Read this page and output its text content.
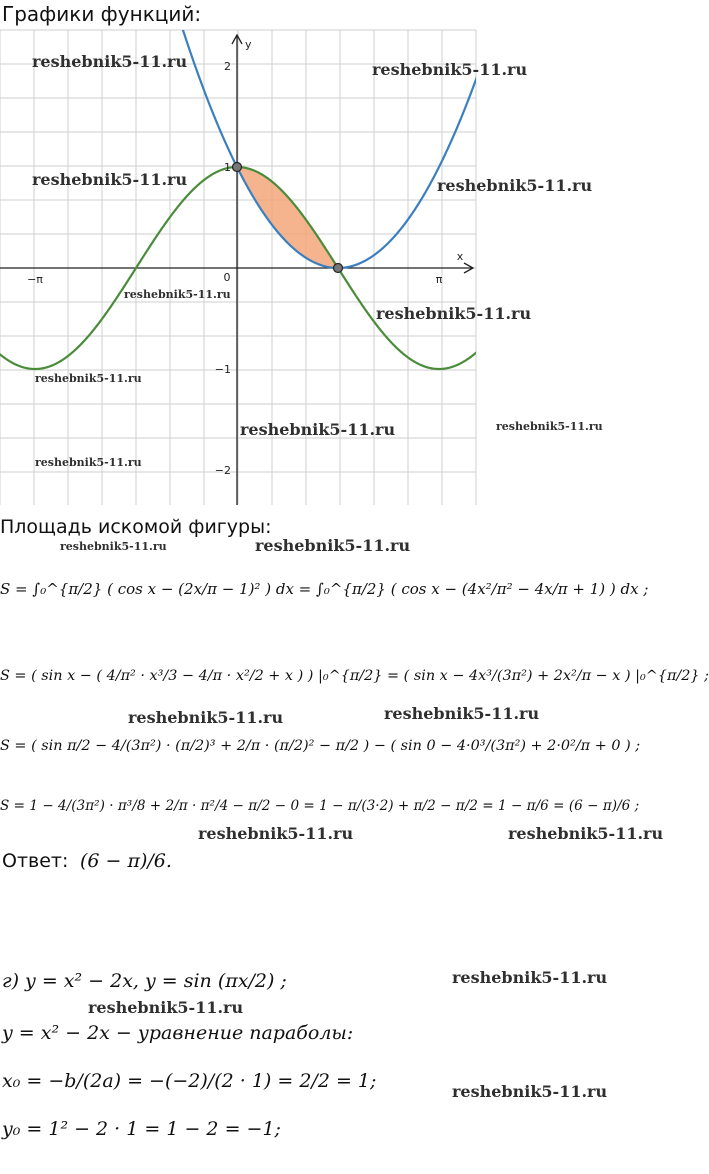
Графики функций:
−π	0	π
2
1
−1
−2
x
y
reshebnik5-11.ru	reshebnik5-11.ru
reshebnik5-11.ru	reshebnik5-11.ru
reshebnik5-11.ru
reshebnik5-11.ru
reshebnik5-11.ru
reshebnik5-11.ru	reshebnik5-11.ru
reshebnik5-11.ru
Площадь искомой фигуры:
reshebnik5-11.ru	reshebnik5-11.ru
S = ∫₀^{π/2} ( cos x − (2x/π − 1)² ) dx = ∫₀^{π/2} ( cos x − (4x²/π² − 4x/π + 1) ) dx ;
S = ( sin x − ( 4/π² · x³/3 − 4/π · x²/2 + x ) ) |₀^{π/2} = ( sin x − 4x³/(3π²) + 2x²/π − x ) |₀^{π/2} ;
reshebnik5-11.ru	reshebnik5-11.ru
S = ( sin π/2 − 4/(3π²) · (π/2)³ + 2/π · (π/2)² − π/2 ) − ( sin 0 − 4·0³/(3π²) + 2·0²/π + 0 ) ;
S = 1 − 4/(3π²) · π³/8 + 2/π · π²/4 − π/2 − 0 = 1 − π/(3·2) + π/2 − π/2 = 1 − π/6 = (6 − π)/6 ;
reshebnik5-11.ru	reshebnik5-11.ru
Ответ: (6 − π)/6.
г) y = x² − 2x, y = sin (πx/2) ;	reshebnik5-11.ru
reshebnik5-11.ru
y = x² − 2x − уравнение параболы:
x₀ = −b/(2a) = −(−2)/(2 · 1) = 2/2 = 1;	reshebnik5-11.ru
y₀ = 1² − 2 · 1 = 1 − 2 = −1;
